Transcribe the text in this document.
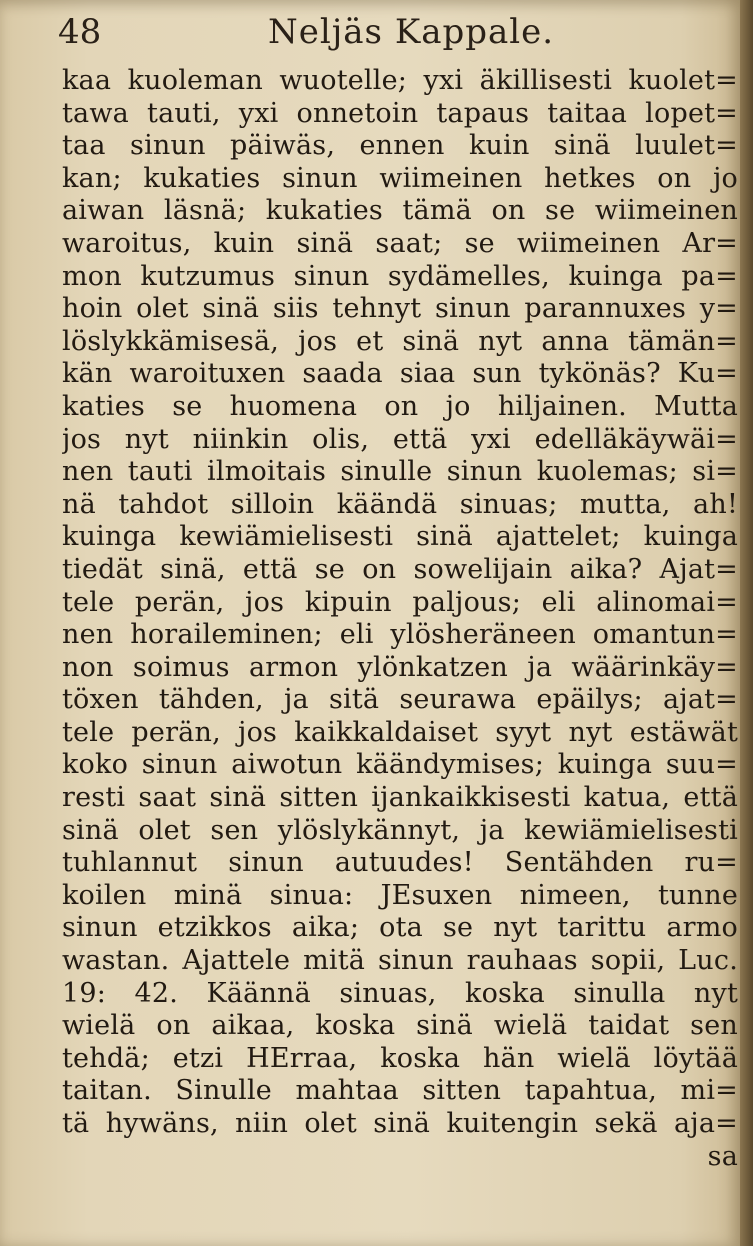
48	Neljäs Kappale.
kaa kuoleman wuotelle; yxi äkillisesti kuolet=
tawa tauti, yxi onnetoin tapaus taitaa lopet=
taa sinun päiwäs, ennen kuin sinä luulet=
kan; kukaties sinun wiimeinen hetkes on jo
aiwan läsnä; kukaties tämä on se wiimeinen
waroitus, kuin sinä saat; se wiimeinen Ar=
mon kutzumus sinun sydämelles, kuinga pa=
hoin olet sinä siis tehnyt sinun parannuxes y=
löslykkämisesä, jos et sinä nyt anna tämän=
kän waroituxen saada siaa sun tykönäs? Ku=
katies se huomena on jo hiljainen. Mutta
jos nyt niinkin olis, että yxi edelläkäywäi=
nen tauti ilmoitais sinulle sinun kuolemas; si=
nä tahdot silloin käändä sinuas; mutta, ah!
kuinga kewiämielisesti sinä ajattelet; kuinga
tiedät sinä, että se on sowelijain aika? Ajat=
tele perän, jos kipuin paljous; eli alinomai=
nen horaileminen; eli ylösheräneen omantun=
non soimus armon ylönkatzen ja wäärinkäy=
töxen tähden, ja sitä seurawa epäilys; ajat=
tele perän, jos kaikkaldaiset syyt nyt estäwät
koko sinun aiwotun käändymises; kuinga suu=
resti saat sinä sitten ijankaikkisesti katua, että
sinä olet sen ylöslykännyt, ja kewiämielisesti
tuhlannut sinun autuudes! Sentähden ru=
koilen minä sinua: JEsuxen nimeen, tunne
sinun etzikkos aika; ota se nyt tarittu armo
wastan. Ajattele mitä sinun rauhaas sopii, Luc.
19: 42. Käännä sinuas, koska sinulla nyt
wielä on aikaa, koska sinä wielä taidat sen
tehdä; etzi HErraa, koska hän wielä löytää
taitan. Sinulle mahtaa sitten tapahtua, mi=
tä hywäns, niin olet sinä kuitengin sekä aja=
sa
